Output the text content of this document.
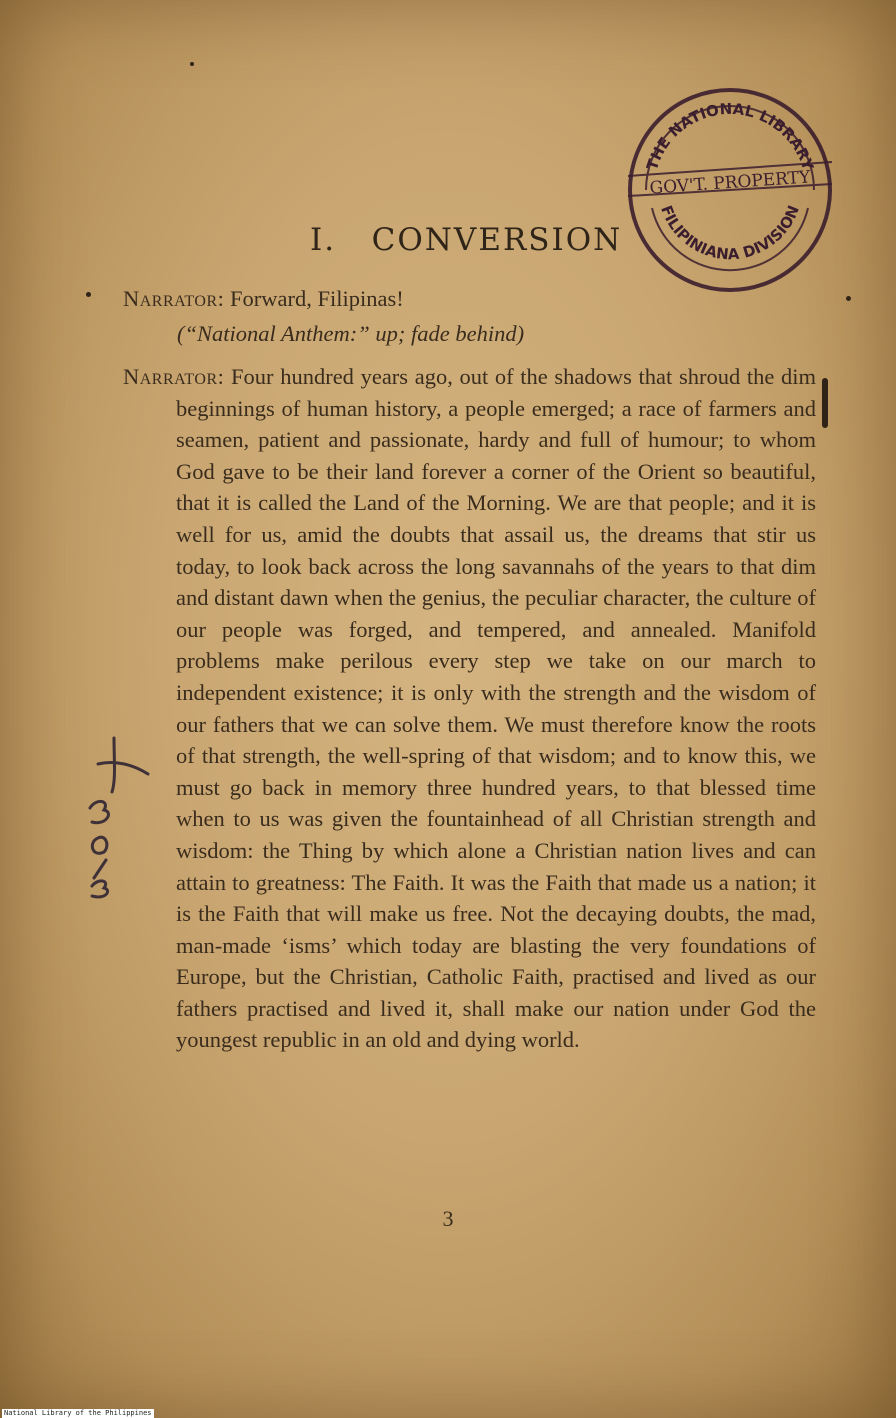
I. CONVERSION
THE NATIONAL LIBRARY
FILIPINIANA DIVISION
GOV'T. PROPERTY

Narrator: Forward, Filipinas!

(“National Anthem:” up; fade behind)

Narrator: Four hundred years ago, out of the shadows that shroud the dim beginnings of human history, a people emerged; a race of farmers and seamen, patient and passionate, hardy and full of humour; to whom God gave to be their land forever a corner of the Orient so beautiful, that it is called the Land of the Morning. We are that people; and it is well for us, amid the doubts that assail us, the dreams that stir us today, to look back across the long savannahs of the years to that dim and distant dawn when the genius, the peculiar character, the culture of our people was forged, and tempered, and annealed. Manifold problems make perilous every step we take on our march to independent existence; it is only with the strength and the wisdom of our fathers that we can solve them. We must therefore know the roots of that strength, the well-spring of that wisdom; and to know this, we must go back in memory three hundred years, to that blessed time when to us was given the fountainhead of all Christian strength and wisdom: the Thing by which alone a Christian nation lives and can attain to greatness: The Faith. It was the Faith that made us a nation; it is the Faith that will make us free. Not the decaying doubts, the mad, man-made ‘isms’ which today are blasting the very foundations of Europe, but the Christian, Catholic Faith, practised and lived as our fathers practised and lived it, shall make our nation under God the youngest republic in an old and dying world.

3
National Library of the Philippines
